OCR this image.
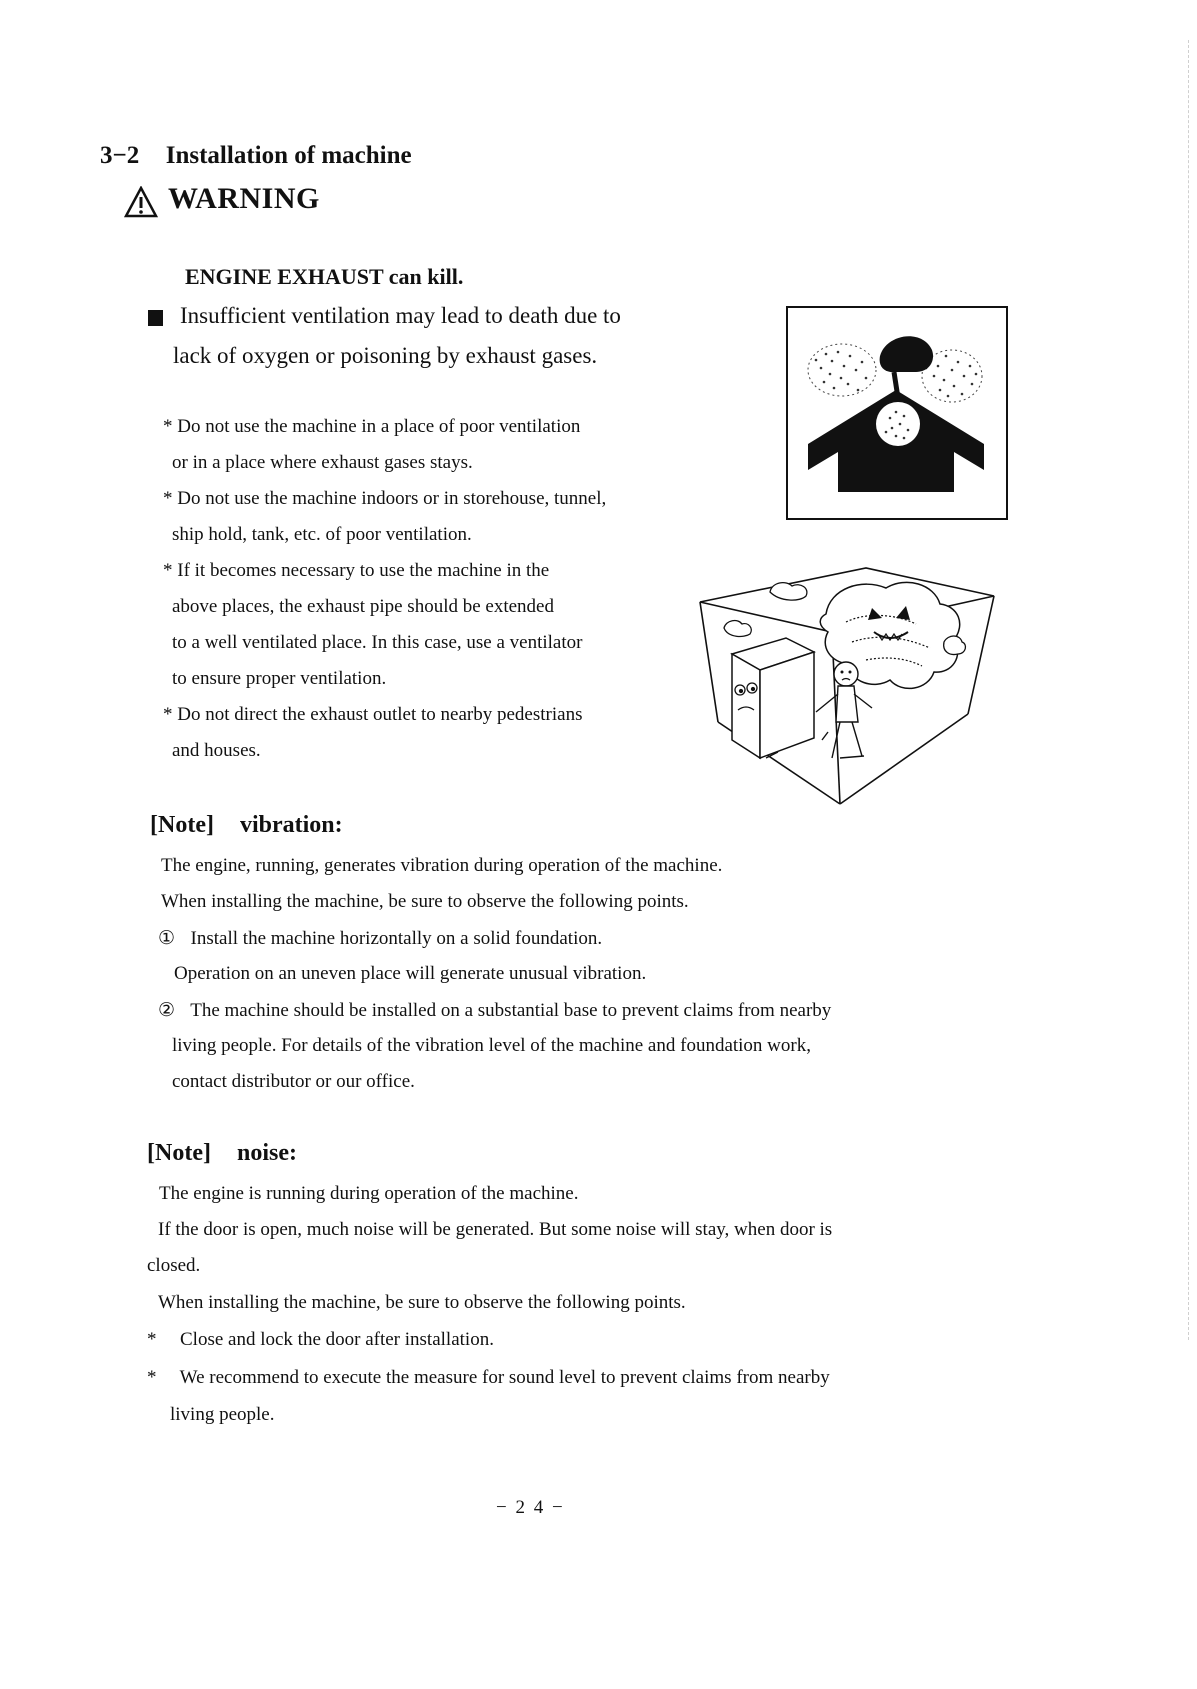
3−2 Installation of machine
WARNING
ENGINE EXHAUST can kill.
Insufficient ventilation may lead to death due to
lack of oxygen or poisoning by exhaust gases.
* Do not use the machine in a place of poor ventilation
or in a place where exhaust gases stays.
* Do not use the machine indoors or in storehouse, tunnel,
ship hold, tank, etc. of poor ventilation.
* If it becomes necessary to use the machine in the
above places, the exhaust pipe should be extended
to a well ventilated place. In this case, use a ventilator
to ensure proper ventilation.
* Do not direct the exhaust outlet to nearby pedestrians
and houses.
[Note] vibration:
The engine, running, generates vibration during operation of the machine.
When installing the machine, be sure to observe the following points.
① Install the machine horizontally on a solid foundation.
Operation on an uneven place will generate unusual vibration.
② The machine should be installed on a substantial base to prevent claims from nearby
living people. For details of the vibration level of the machine and foundation work,
contact distributor or our office.
[Note] noise:
The engine is running during operation of the machine.
If the door is open, much noise will be generated. But some noise will stay, when door is
closed.
When installing the machine, be sure to observe the following points.
* Close and lock the door after installation.
* We recommend to execute the measure for sound level to prevent claims from nearby
living people.
− 2 4 −
